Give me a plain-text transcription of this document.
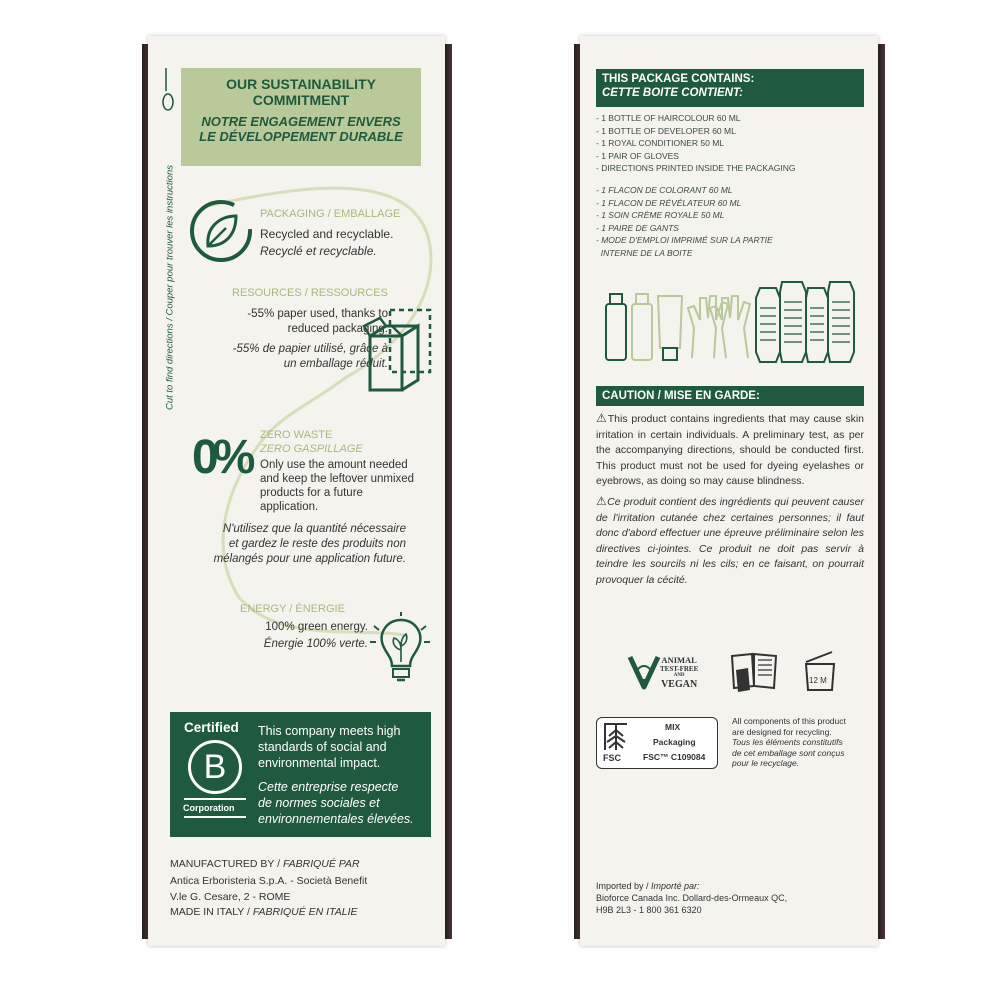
Cut to find directions / Couper pour trouver les instructions
OUR SUSTAINABILITY
COMMITMENT
NOTRE ENGAGEMENT ENVERS
LE DÉVELOPPEMENT DURABLE
PACKAGING / EMBALLAGE
Recycled and recyclable.
Recyclé et recyclable.
RESOURCES / RESSOURCES
-55% paper used, thanks to
reduced packaging.
-55% de papier utilisé, grâce à
un emballage réduit.
0% ZERO WASTE
ZERO GASPILLAGE
Only use the amount needed
and keep the leftover unmixed
products for a future
application.
N'utilisez que la quantité nécessaire
et gardez le reste des produits non
mélangés pour une application future.
ENERGY / ÉNERGIE
100% green energy.
Énergie 100% verte.
Certified
B
Corporation
This company meets high
standards of social and
environmental impact.
Cette entreprise respecte
de normes sociales et
environnementales élevées.
MANUFACTURED BY / FABRIQUÉ PAR
Antica Erboristeria S.p.A. - Società Benefit
V.le G. Cesare, 2 - ROME
MADE IN ITALY / FABRIQUÉ EN ITALIE
THIS PACKAGE CONTAINS:
CETTE BOITE CONTIENT:
- 1 BOTTLE OF HAIRCOLOUR 60 ML
- 1 BOTTLE OF DEVELOPER 60 ML
- 1 ROYAL CONDITIONER 50 ML
- 1 PAIR OF GLOVES
- DIRECTIONS PRINTED INSIDE THE PACKAGING
- 1 FLACON DE COLORANT 60 ML
- 1 FLACON DE RÉVÉLATEUR 60 ML
- 1 SOIN CRÈME ROYALE 50 ML
- 1 PAIRE DE GANTS
- MODE D'EMPLOI IMPRIMÉ SUR LA PARTIE
INTERNE DE LA BOITE
CAUTION / MISE EN GARDE:
⚠This product contains ingredients that may cause skin irritation in certain individuals. A preliminary test, as per the accompanying directions, should be conducted first. This product must not be used for dyeing eyelashes or eyebrows, as doing so may cause blindness.
⚠Ce produit contient des ingrédients qui peuvent causer de l'irritation cutanée chez certaines personnes; il faut donc d'abord effectuer une épreuve préliminaire selon les directives ci-jointes. Ce produit ne doit pas servir à teindre les sourcils ni les cils; en ce faisant, on pourrait provoquer la cécité.
ANIMAL
TEST-FREE
AND
VEGAN	12 M
FSC
MIX
Packaging
FSC™ C109084
All components of this product
are designed for recycling.
Tous les éléments constitutifs
de cet emballage sont conçus
pour le recyclage.
Imported by / Importé par:
Bioforce Canada Inc. Dollard-des-Ormeaux QC,
H9B 2L3 - 1 800 361 6320
